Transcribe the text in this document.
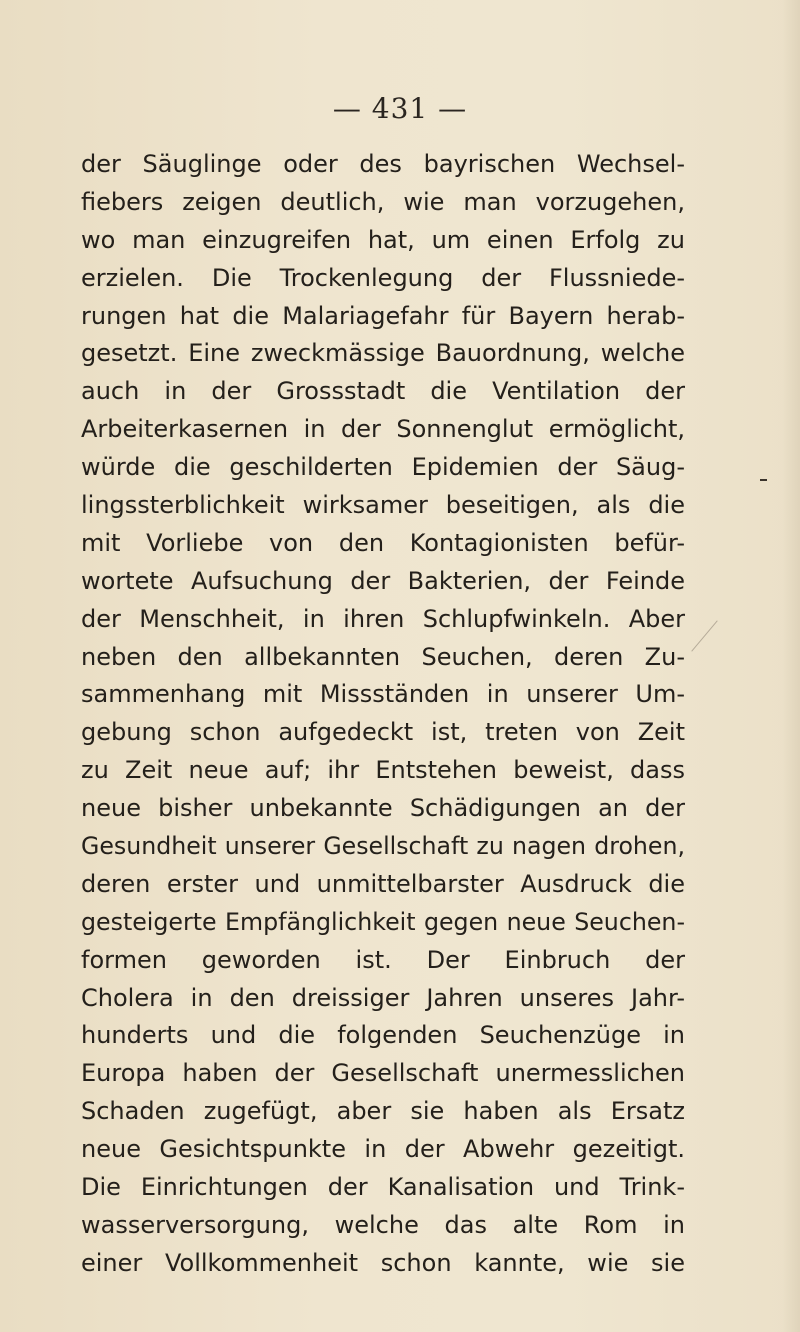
— 431 —
der Säuglinge oder des bayrischen Wechsel-
fiebers zeigen deutlich, wie man vorzugehen,
wo man einzugreifen hat, um einen Erfolg zu
erzielen. Die Trockenlegung der Flussniede-
rungen hat die Malariagefahr für Bayern herab-
gesetzt. Eine zweckmässige Bauordnung, welche
auch in der Grossstadt die Ventilation der
Arbeiterkasernen in der Sonnenglut ermöglicht,
würde die geschilderten Epidemien der Säug-
lingssterblichkeit wirksamer beseitigen, als die
mit Vorliebe von den Kontagionisten befür-
wortete Aufsuchung der Bakterien, der Feinde
der Menschheit, in ihren Schlupfwinkeln. Aber
neben den allbekannten Seuchen, deren Zu-
sammenhang mit Missständen in unserer Um-
gebung schon aufgedeckt ist, treten von Zeit
zu Zeit neue auf; ihr Entstehen beweist, dass
neue bisher unbekannte Schädigungen an der
Gesundheit unserer Gesellschaft zu nagen drohen,
deren erster und unmittelbarster Ausdruck die
gesteigerte Empfänglichkeit gegen neue Seuchen-
formen geworden ist. Der Einbruch der
Cholera in den dreissiger Jahren unseres Jahr-
hunderts und die folgenden Seuchenzüge in
Europa haben der Gesellschaft unermesslichen
Schaden zugefügt, aber sie haben als Ersatz
neue Gesichtspunkte in der Abwehr gezeitigt.
Die Einrichtungen der Kanalisation und Trink-
wasserversorgung, welche das alte Rom in
einer Vollkommenheit schon kannte, wie sie
